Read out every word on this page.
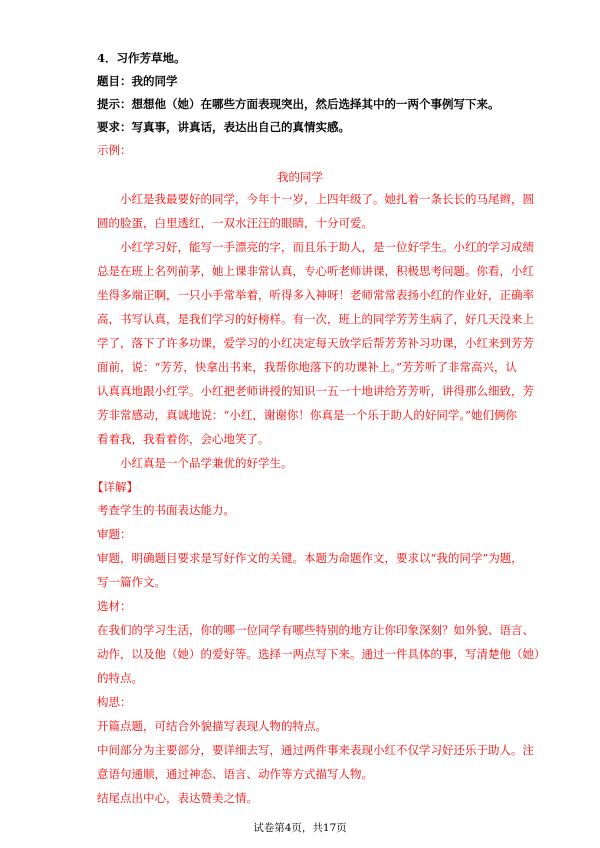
4．习作芳草地。
题目：我的同学
提示：想想他（她）在哪些方面表现突出，然后选择其中的一两个事例写下来。
要求：写真事，讲真话，表达出自己的真情实感。
示例：
我的同学
小红是我最要好的同学，今年十一岁，上四年级了。她扎着一条长长的马尾辫，圆
圆的脸蛋，白里透红，一双水汪汪的眼睛，十分可爱。
小红学习好，能写一手漂亮的字，而且乐于助人，是一位好学生。小红的学习成绩
总是在班上名列前茅，她上课非常认真，专心听老师讲课，积极思考问题。你看，小红
坐得多端正啊，一只小手常举着，听得多入神呀！老师常常表扬小红的作业好，正确率
高，书写认真，是我们学习的好榜样。有一次，班上的同学芳芳生病了，好几天没来上
学了，落下了许多功课，爱学习的小红决定每天放学后帮芳芳补习功课，小红来到芳芳
面前，说：“芳芳，快拿出书来，我帮你地落下的功课补上。”芳芳听了非常高兴，认
认真真地跟小红学。小红把老师讲授的知识一五一十地讲给芳芳听，讲得那么细致，芳
芳非常感动，真诚地说：“小红，谢谢你！你真是一个乐于助人的好同学。”她们俩你
看着我，我看着你，会心地笑了。
小红真是一个品学兼优的好学生。
【详解】
考查学生的书面表达能力。
审题：
审题，明确题目要求是写好作文的关键。本题为命题作文，要求以“我的同学”为题，
写一篇作文。
选材：
在我们的学习生活，你的哪一位同学有哪些特别的地方让你印象深刻？如外貌、语言、
动作，以及他（她）的爱好等。选择一两点写下来。通过一件具体的事，写清楚他（她）
的特点。
构思：
开篇点题，可结合外貌描写表现人物的特点。
中间部分为主要部分，要详细去写，通过两件事来表现小红不仅学习好还乐于助人。注
意语句通顺，通过神态、语言、动作等方式描写人物。
结尾点出中心，表达赞美之情。
试卷第4页，共17页
